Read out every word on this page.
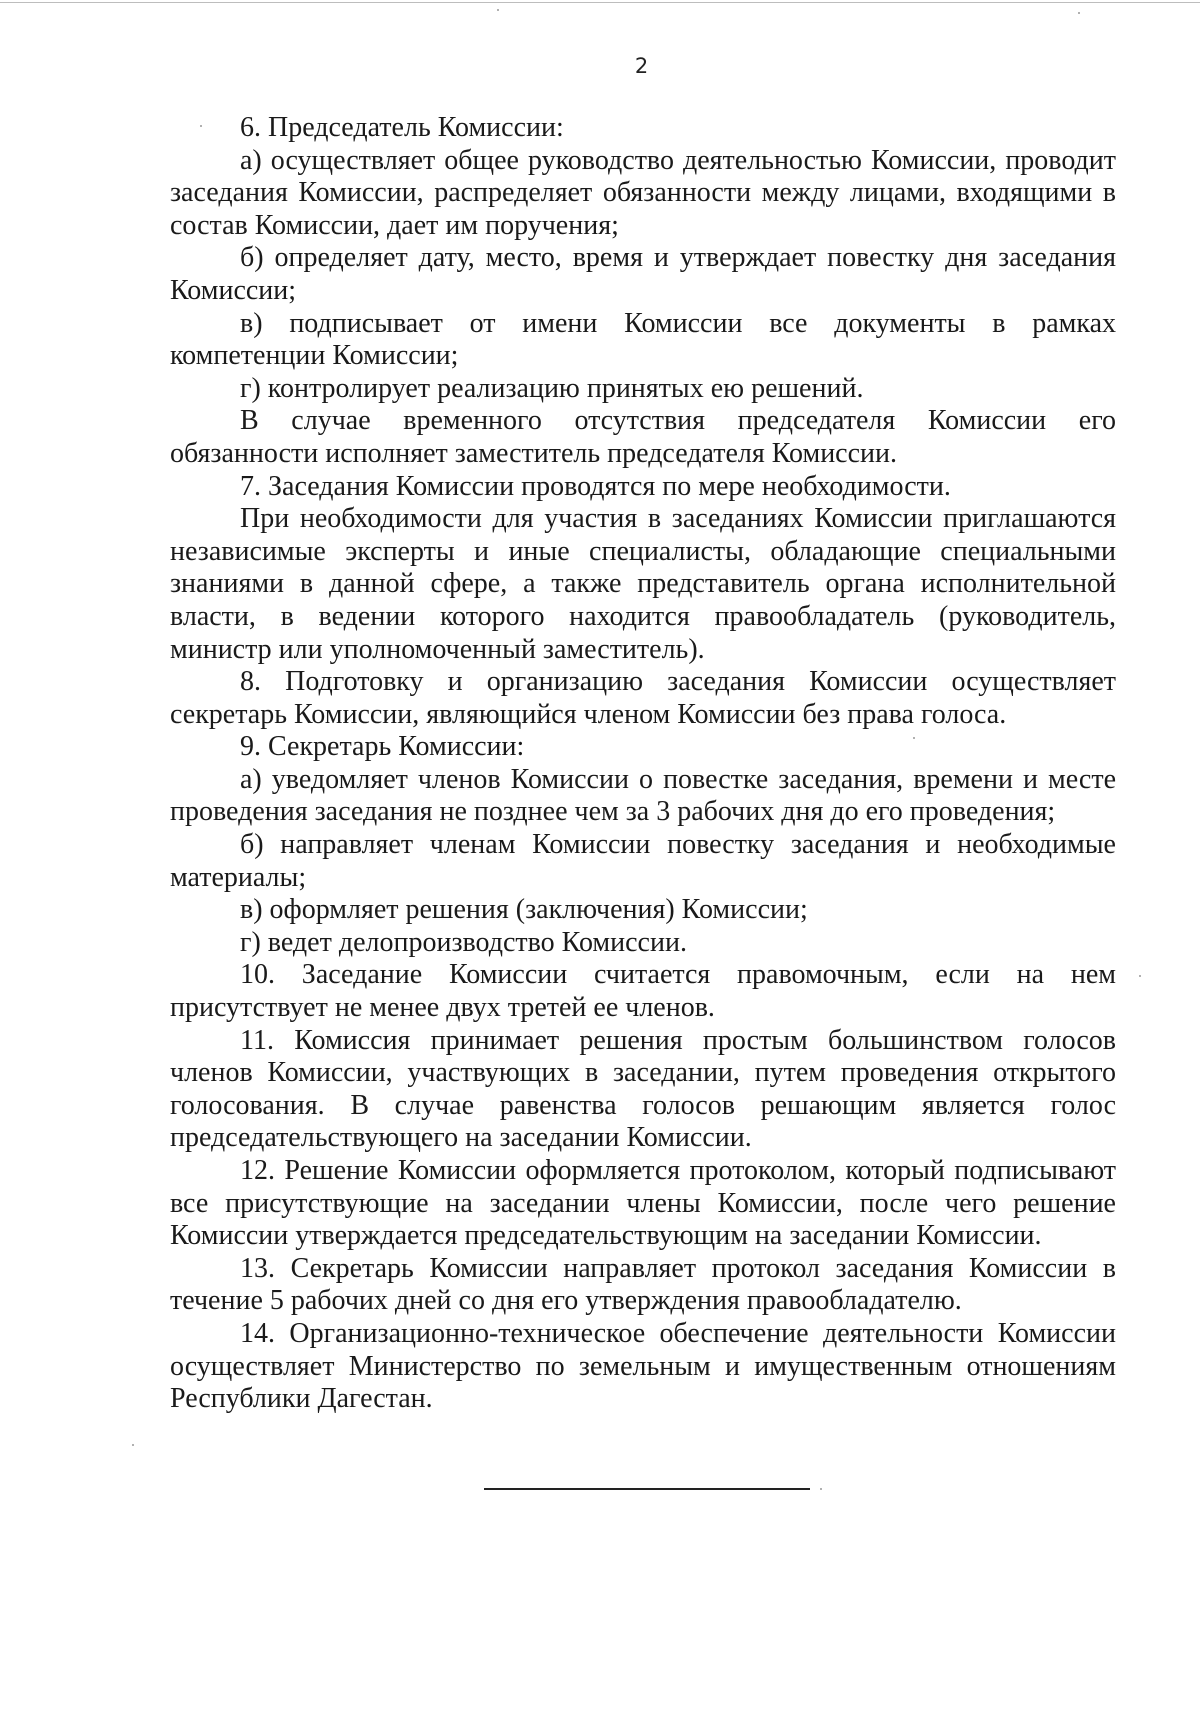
2

6. Председатель Комиссии:

а) осуществляет общее руководство деятельностью Комиссии, проводит заседания Комиссии, распределяет обязанности между лицами, входящими в состав Комиссии, дает им поручения;

б) определяет дату, место, время и утверждает повестку дня заседания Комиссии;

в) подписывает от имени Комиссии все документы в рамках компетенции Комиссии;

г) контролирует реализацию принятых ею решений.

В случае временного отсутствия председателя Комиссии его обязанности исполняет заместитель председателя Комиссии.

7. Заседания Комиссии проводятся по мере необходимости.

При необходимости для участия в заседаниях Комиссии приглашаются независимые эксперты и иные специалисты, обладающие специальными знаниями в данной сфере, а также представитель органа исполнительной власти, в ведении которого находится правообладатель (руководитель, министр или уполномоченный заместитель).

8. Подготовку и организацию заседания Комиссии осуществляет секретарь Комиссии, являющийся членом Комиссии без права голоса.

9. Секретарь Комиссии:

а) уведомляет членов Комиссии о повестке заседания, времени и месте проведения заседания не позднее чем за 3 рабочих дня до его проведения;

б) направляет членам Комиссии повестку заседания и необходимые материалы;

в) оформляет решения (заключения) Комиссии;

г) ведет делопроизводство Комиссии.

10. Заседание Комиссии считается правомочным, если на нем присутствует не менее двух третей ее членов.

11. Комиссия принимает решения простым большинством голосов членов Комиссии, участвующих в заседании, путем проведения открытого голосования. В случае равенства голосов решающим является голос председательствующего на заседании Комиссии.

12. Решение Комиссии оформляется протоколом, который подписывают все присутствующие на заседании члены Комиссии, после чего решение Комиссии утверждается председательствующим на заседании Комиссии.

13. Секретарь Комиссии направляет протокол заседания Комиссии в течение 5 рабочих дней со дня его утверждения правообладателю.

14. Организационно-техническое обеспечение деятельности Комиссии осуществляет Министерство по земельным и имущественным отношениям Республики Дагестан.
